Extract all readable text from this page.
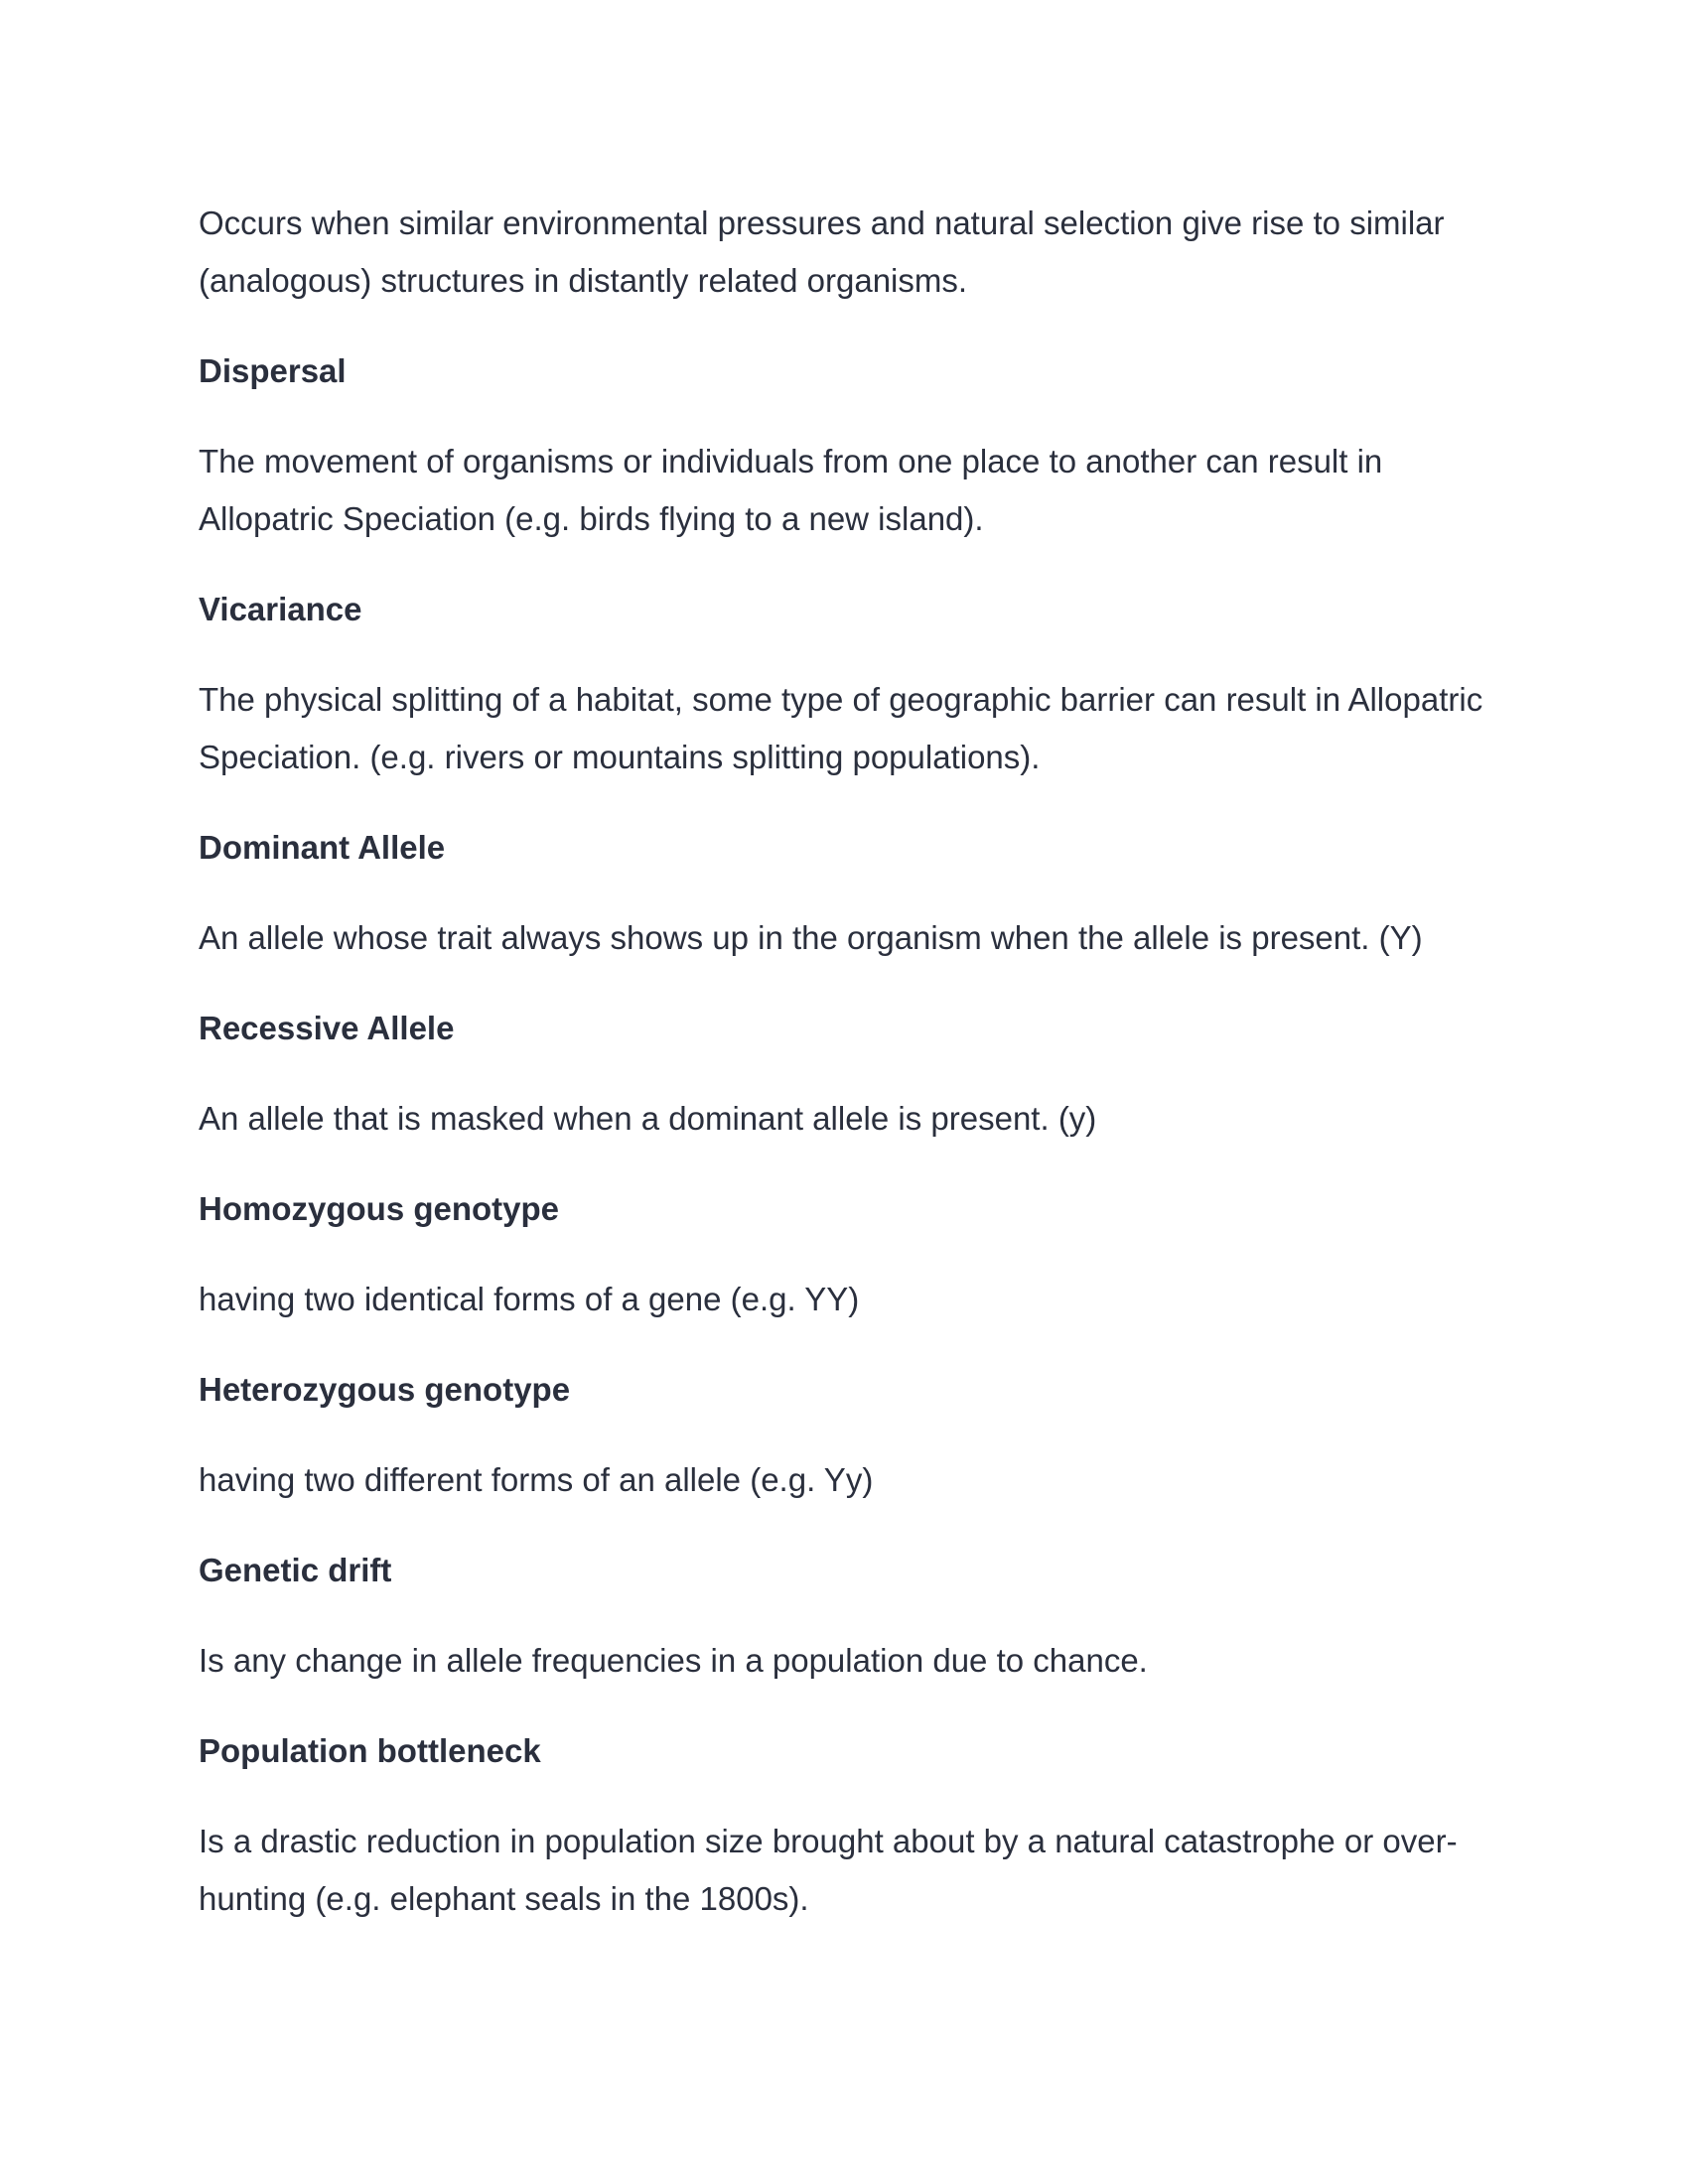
Occurs when similar environmental pressures and natural selection give rise to similar (analogous) structures in distantly related organisms.

Dispersal

The movement of organisms or individuals from one place to another can result in Allopatric Speciation (e.g. birds flying to a new island).

Vicariance

The physical splitting of a habitat, some type of geographic barrier can result in Allopatric Speciation. (e.g. rivers or mountains splitting populations).

Dominant Allele

An allele whose trait always shows up in the organism when the allele is present. (Y)

Recessive Allele

An allele that is masked when a dominant allele is present. (y)

Homozygous genotype

having two identical forms of a gene (e.g. YY)

Heterozygous genotype

having two different forms of an allele (e.g. Yy)

Genetic drift

Is any change in allele frequencies in a population due to chance.

Population bottleneck

Is a drastic reduction in population size brought about by a natural catastrophe or over-hunting (e.g. elephant seals in the 1800s).
